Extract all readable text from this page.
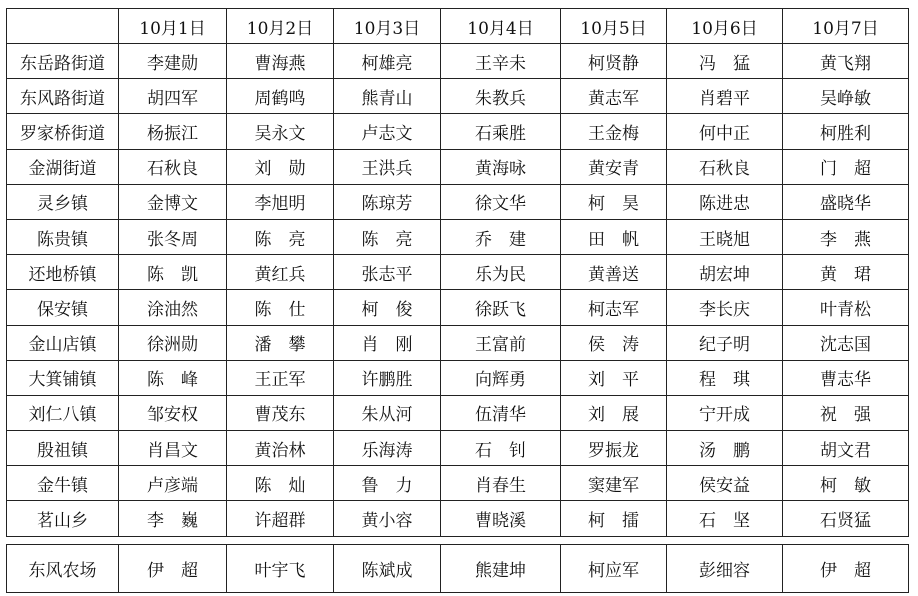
	10月1日	10月2日	10月3日	10月4日	10月5日	10月6日	10月7日
东岳路街道	李建勋	曹海燕	柯雄亮	王辛未	柯贤静	冯　猛	黄飞翔
东风路街道	胡四军	周鹤鸣	熊青山	朱教兵	黄志军	肖碧平	吴峥敏
罗家桥街道	杨振江	吴永文	卢志文	石乘胜	王金梅	何中正	柯胜利
金湖街道	石秋良	刘　勋	王洪兵	黄海咏	黄安青	石秋良	门　超
灵乡镇	金博文	李旭明	陈琼芳	徐文华	柯　昊	陈进忠	盛晓华
陈贵镇	张冬周	陈　亮	陈　亮	乔　建	田　帆	王晓旭	李　燕
还地桥镇	陈　凯	黄红兵	张志平	乐为民	黄善送	胡宏坤	黄　珺
保安镇	涂油然	陈　仕	柯　俊	徐跃飞	柯志军	李长庆	叶青松
金山店镇	徐洲勋	潘　攀	肖　刚	王富前	侯　涛	纪子明	沈志国
大箕铺镇	陈　峰	王正军	许鹏胜	向辉勇	刘　平	程　琪	曹志华
刘仁八镇	邹安权	曹茂东	朱从河	伍清华	刘　展	宁开成	祝　强
殷祖镇	肖昌文	黄治林	乐海涛	石　钊	罗振龙	汤　鹏	胡文君
金牛镇	卢彦端	陈　灿	鲁　力	肖春生	窦建军	侯安益	柯　敏
茗山乡	李　巍	许超群	黄小容	曹晓溪	柯　擂	石　坚	石贤猛
东风农场	伊　超	叶宇飞	陈斌成	熊建坤	柯应军	彭细容	伊　超
